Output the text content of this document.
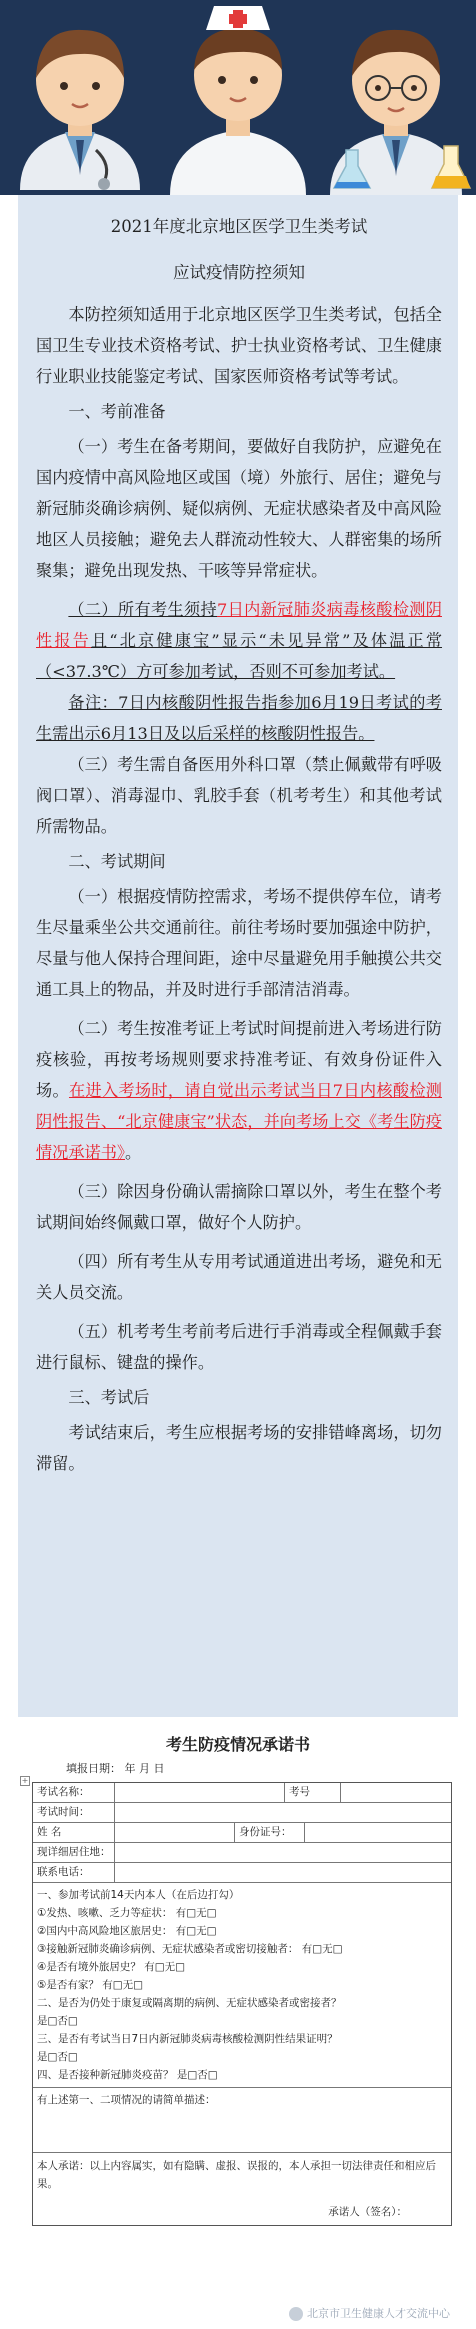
2021年度北京地区医学卫生类考试
应试疫情防控须知

本防控须知适用于北京地区医学卫生类考试，包括全国卫生专业技术资格考试、护士执业资格考试、卫生健康行业职业技能鉴定考试、国家医师资格考试等考试。

一、考前准备

（一）考生在备考期间，要做好自我防护，应避免在国内疫情中高风险地区或国（境）外旅行、居住；避免与新冠肺炎确诊病例、疑似病例、无症状感染者及中高风险地区人员接触；避免去人群流动性较大、人群密集的场所聚集；避免出现发热、干咳等异常症状。

（二）所有考生须持7日内新冠肺炎病毒核酸检测阴性报告且“北京健康宝”显示“未见异常”及体温正常（<37.3℃）方可参加考试，否则不可参加考试。

备注：7日内核酸阴性报告指参加6月19日考试的考生需出示6月13日及以后采样的核酸阴性报告。

（三）考生需自备医用外科口罩（禁止佩戴带有呼吸阀口罩）、消毒湿巾、乳胶手套（机考考生）和其他考试所需物品。

二、考试期间

（一）根据疫情防控需求，考场不提供停车位，请考生尽量乘坐公共交通前往。前往考场时要加强途中防护，尽量与他人保持合理间距，途中尽量避免用手触摸公共交通工具上的物品，并及时进行手部清洁消毒。

（二）考生按准考证上考试时间提前进入考场进行防疫核验，再按考场规则要求持准考证、有效身份证件入场。在进入考场时，请自觉出示考试当日7日内核酸检测阴性报告、“北京健康宝”状态，并向考场上交《考生防疫情况承诺书》。

（三）除因身份确认需摘除口罩以外，考生在整个考试期间始终佩戴口罩，做好个人防护。

（四）所有考生从专用考试通道进出考场，避免和无关人员交流。

（五）机考考生考前考后进行手消毒或全程佩戴手套进行鼠标、键盘的操作。

三、考试后

考试结束后，考生应根据考场的安排错峰离场，切勿滞留。

考生防疫情况承诺书
填报日期： 年 月 日
+
考试名称：	考号
考试时间：
姓 名	身份证号：
现详细居住地：
联系电话：
一、参加考试前14天内本人（在后边打勾）
①发热、咳嗽、乏力等症状： 有□无□
②国内中高风险地区旅居史： 有□无□
③接触新冠肺炎确诊病例、无症状感染者或密切接触者： 有□无□
④是否有境外旅居史？ 有□无□
⑤是否有家？ 有□无□
二、是否为仍处于康复或隔离期的病例、无症状感染者或密接者？
是□否□
三、是否有考试当日7日内新冠肺炎病毒核酸检测阴性结果证明？
是□否□
四、是否接种新冠肺炎疫苗？ 是□否□
有上述第一、二项情况的请简单描述：
本人承诺：以上内容属实，如有隐瞒、虚报、误报的，本人承担一切法律责任和相应后果。
承诺人（签名）：
北京市卫生健康人才交流中心
